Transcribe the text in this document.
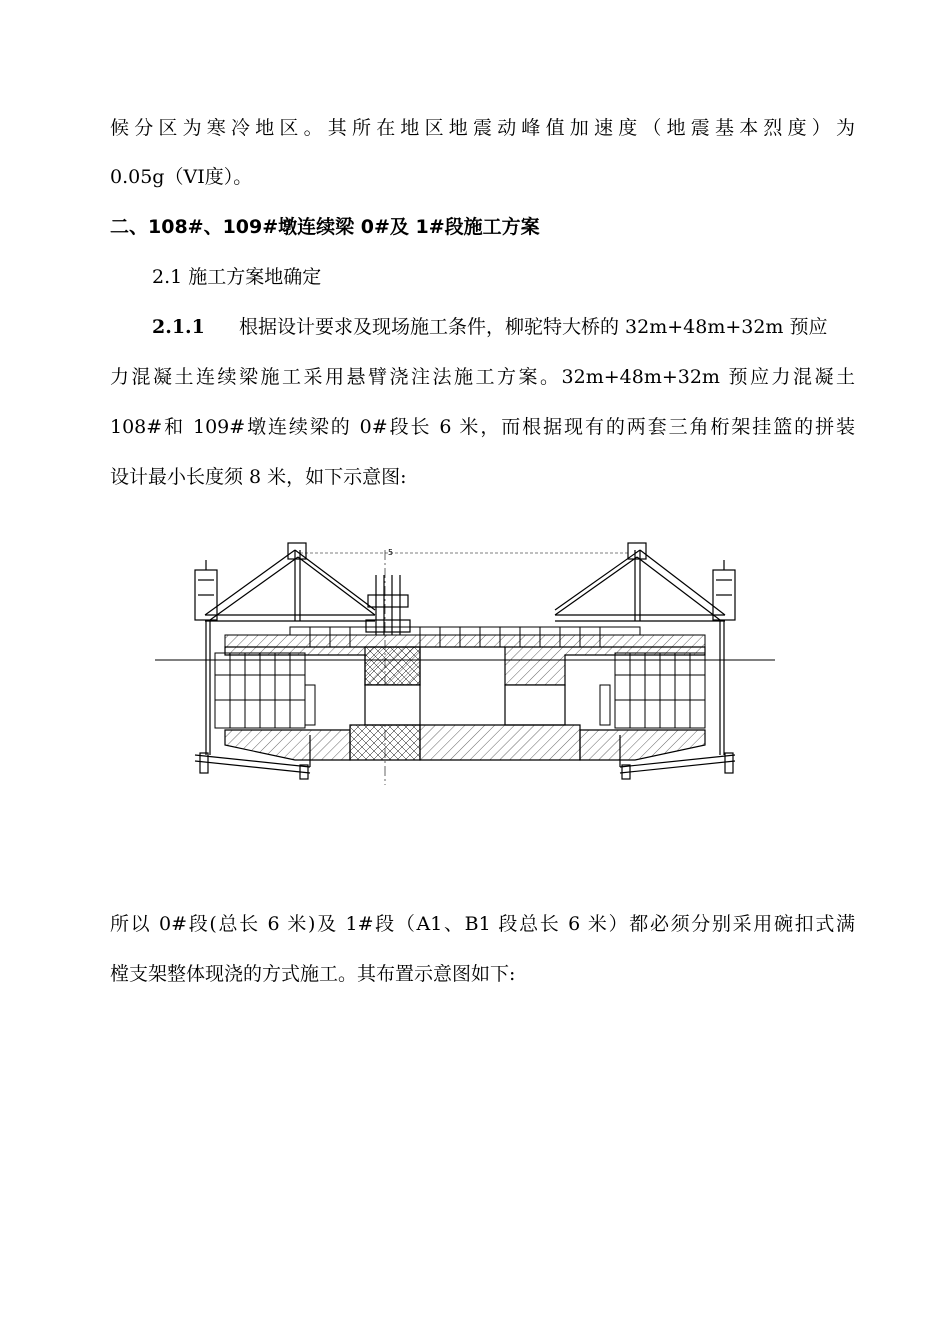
候分区为寒冷地区。其所在地区地震动峰值加速度（地震基本烈度）为
0.05g（VI度）。
二、108#、109#墩连续梁 0#及 1#段施工方案
2.1 施工方案地确定
2.1.1 根据设计要求及现场施工条件，柳驼特大桥的 32m+48m+32m 预应
力混凝土连续梁施工采用悬臂浇注法施工方案。32m+48m+32m 预应力混凝土
108#和 109#墩连续梁的 0#段长 6 米，而根据现有的两套三角桁架挂篮的拼装
设计最小长度须 8 米，如下示意图:
5
所以 0#段(总长 6 米)及 1#段（A1、B1 段总长 6 米）都必须分别采用碗扣式满
樘支架整体现浇的方式施工。其布置示意图如下:
